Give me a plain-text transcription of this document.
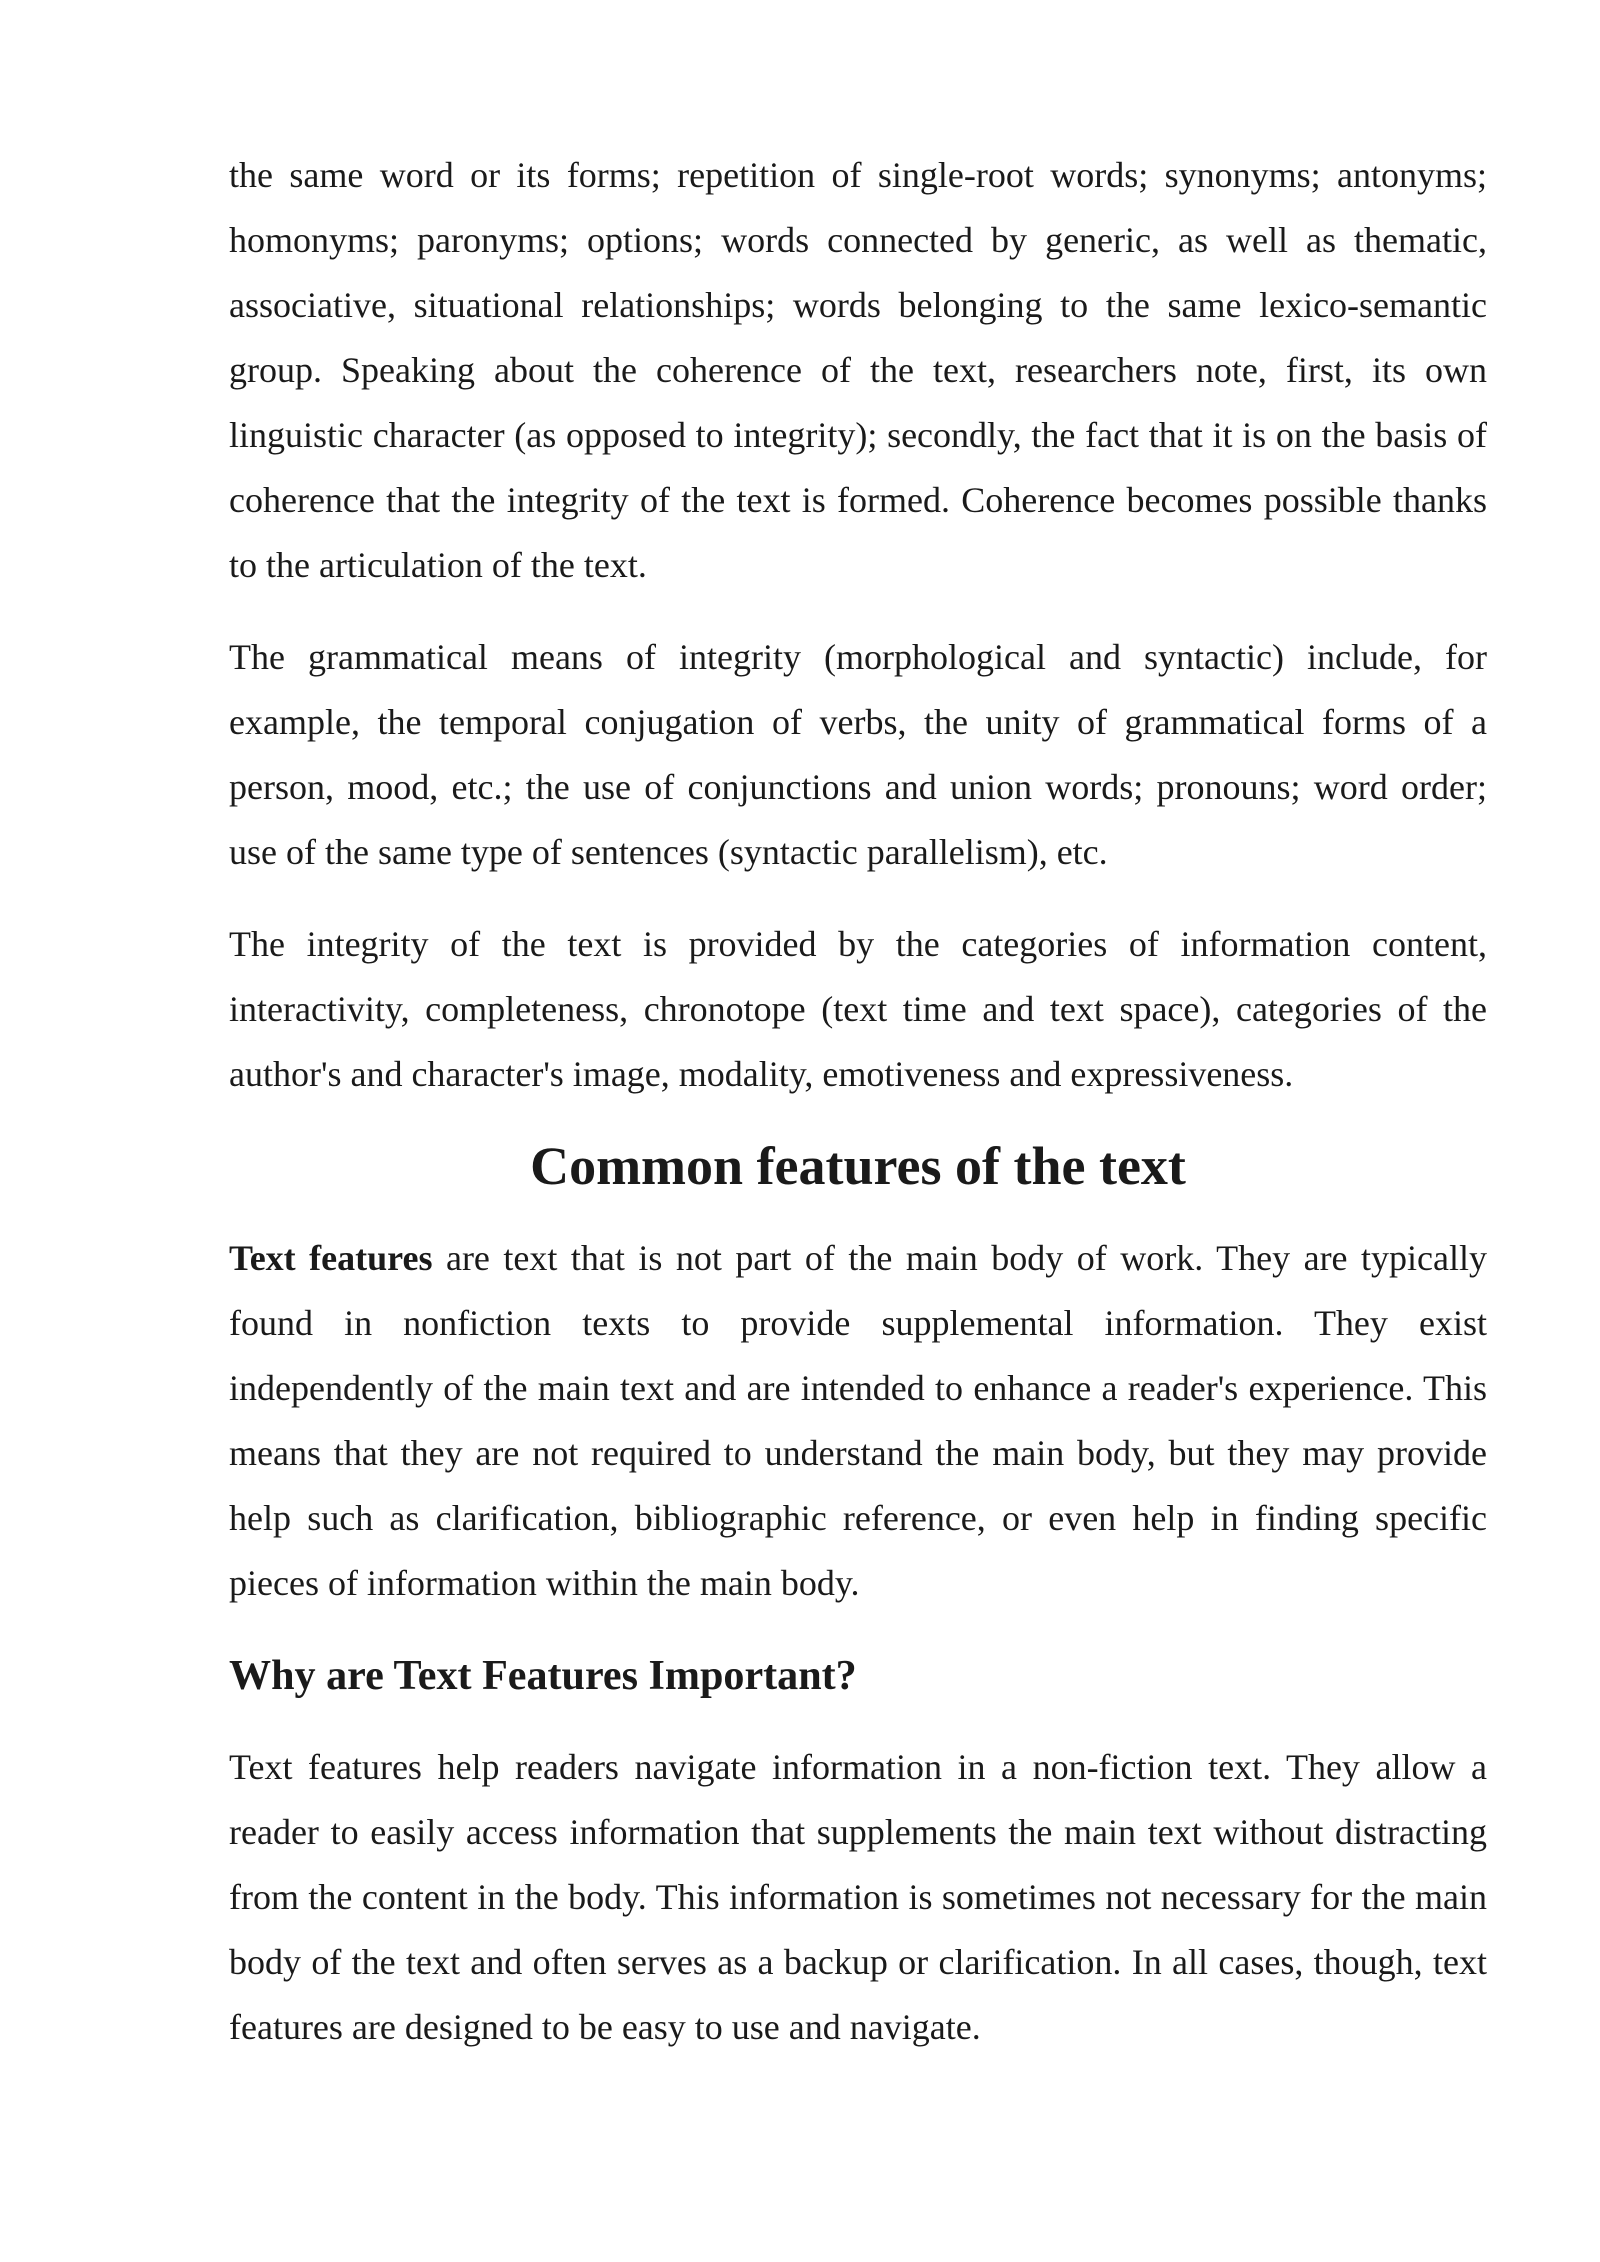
the same word or its forms; repetition of single-root words; synonyms; antonyms; homonyms; paronyms; options; words connected by generic, as well as thematic, associative, situational relationships; words belonging to the same lexico-semantic group. Speaking about the coherence of the text, researchers note, first, its own linguistic character (as opposed to integrity); secondly, the fact that it is on the basis of coherence that the integrity of the text is formed. Coherence becomes possible thanks to the articulation of the text.

The grammatical means of integrity (morphological and syntactic) include, for example, the temporal conjugation of verbs, the unity of grammatical forms of a person, mood, etc.; the use of conjunctions and union words; pronouns; word order; use of the same type of sentences (syntactic parallelism), etc.

The integrity of the text is provided by the categories of information content, interactivity, completeness, chronotope (text time and text space), categories of the author's and character's image, modality, emotiveness and expressiveness.

Common features of the text

Text features are text that is not part of the main body of work. They are typically found in nonfiction texts to provide supplemental information. They exist independently of the main text and are intended to enhance a reader's experience. This means that they are not required to understand the main body, but they may provide help such as clarification, bibliographic reference, or even help in finding specific pieces of information within the main body.

Why are Text Features Important?

Text features help readers navigate information in a non-fiction text. They allow a reader to easily access information that supplements the main text without distracting from the content in the body. This information is sometimes not necessary for the main body of the text and often serves as a backup or clarification. In all cases, though, text features are designed to be easy to use and navigate.
